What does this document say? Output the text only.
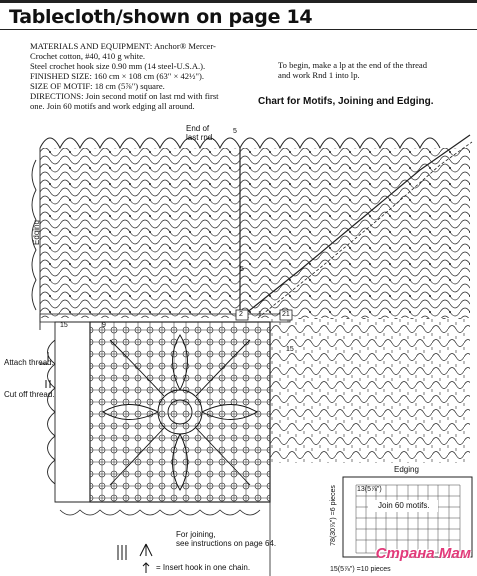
Tablecloth/shown on page 14
MATERIALS AND EQUIPMENT: Anchor® Mercer-
Crochet cotton, #40, 410 g white.
Steel crochet hook size 0.90 mm (14 steel-U.S.A.).
FINISHED SIZE: 160 cm × 108 cm (63" × 42½").
SIZE OF MOTIF: 18 cm (5⅞") square.
DIRECTIONS: Join second motif on last rnd with first
one. Join 60 motifs and work edging all around.
To begin, make a lp at the end of the thread
and work Rnd 1 into lp.
Chart for Motifs, Joining and Edging.
End of
last rnd.
Edging
Attach thread.
Cut off thread.
For joining,
see instructions on page 64.
= Insert hook in one chain.
15	9
5
5
2 1	21
15
Edging
13(5⅞")
Join 60 motifs.
78(30⅞") =6 pieces
15(5⅞") =10 pieces
Страна Мам
